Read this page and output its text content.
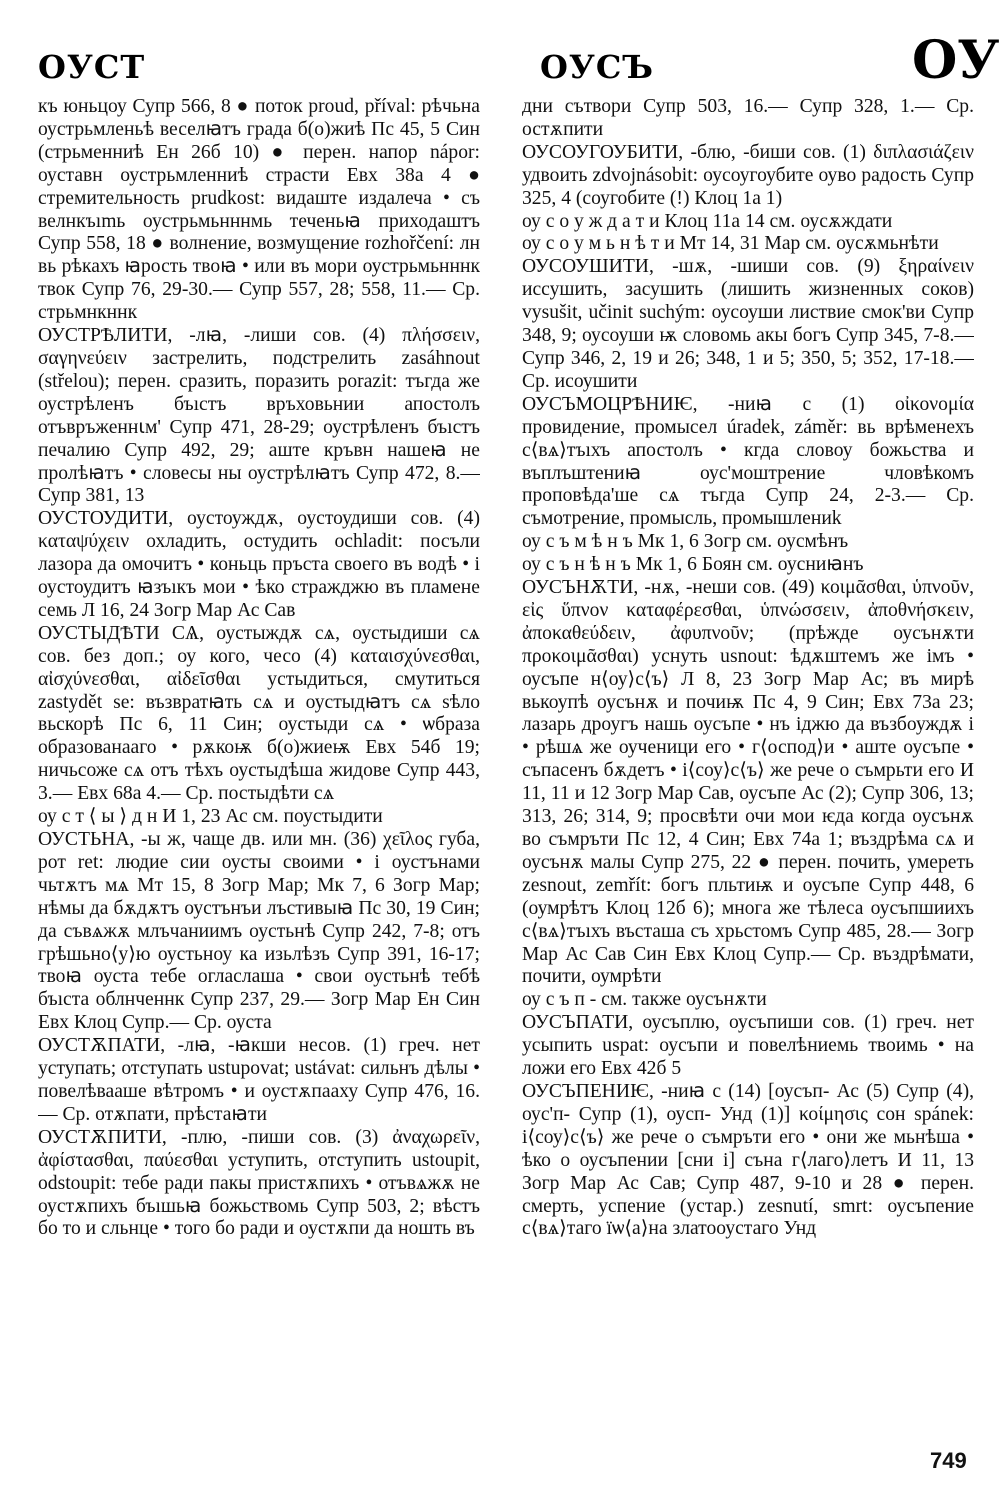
ОУСТ	ОУСЪ	ОУ

къ юньцоу Супр 566, 8 ● поток proud, příval: рѣчьна оустрьмленьѣ веселꙗтъ града б(о)жиѣ Пс 45, 5 Син (стрьменниѣ Ен 26б 10) ● перен. напор nápor: оуставн оустрьмленниѣ страсти Евх 38а 4 ● стремительность prudkost: видаште издалеча • съ велнкъımь оустрьмьнннмь теченьꙗ приходаштъ Супр 558, 18 ● волнение, возмущение rozhořčení: лн вь рѣкахъ ꙗрость твоꙗ • или въ мори оустрьмьнннк твок Супр 76, 29-30.— Супр 557, 28; 558, 11.— Ср. стрьмнкннк

ОУСТРѢЛИТИ, -лꙗ, -лиши сов. (4) πλήσσειν, σαγηνεύειν застрелить, подстрелить zasáhnout (střelou); перен. сразить, поразить porazit: тъгда же оустрѣленъ бъıстъ връховьнии апостолъ отъвръженнꙇм' Супр 471, 28-29; оустрѣленъ бъıстъ печалию Супр 492, 29; аште кръвн нашеꙗ не пролѣꙗтъ • словесы ны оустрѣлꙗтъ Супр 472, 8.— Супр 381, 13

ОУСТОУДИТИ, оустоуждѫ, оустоудиши сов. (4) καταψύχειν охладить, остудить ochladit: посъли лазора да омочитъ • коньць пръста своего въ водѣ • і оустоудитъ ꙗзъıкъ мои • ѣко стражджю въ пламене семь Л 16, 24 Зогр Мар Ас Сав

ОУСТЫДѢТИ СѦ, оустыждѫ сѧ, оустыдиши сѧ сов. без доп.; оу кого, чесо (4) καταισχύνεσθαι, αἰσχύνεσθαι, αἰδεῖσθαι устыдиться, смутиться zastydět se: възвратꙗть сѧ и оустыдꙗтъ сѧ ѕѣло вьскорѣ Пс 6, 11 Син; оустыди сѧ • ѡбраза образованааго • рѫкоѭ б(о)жиеѭ Евх 54б 19; ничьсоже сѧ отъ тѣхъ оустыдѣша жидове Супр 443, 3.— Евх 68а 4.— Ср. постыдѣти сѧ

оу с т ⟨ ы ⟩ д н И 1, 23 Ас см. поустыдити

ОУСТЬНА, -ы ж, чаще дв. или мн. (36) χεῖλος губа, рот ret: людие сии оусты своими • і оустънами чьтѫтъ мѧ Мт 15, 8 Зогр Мар; Мк 7, 6 Зогр Мар; нѣмы да бѫдѫтъ оустънъи лъстивыꙗ Пс 30, 19 Син; да съвѧжѫ млъчаниимъ оустьнѣ Супр 242, 7-8; отъ грѣшьно⟨у⟩ю оустьноу ка изьлѣзъ Супр 391, 16-17; твоꙗ оуста тебе огласлаша • свои оустьнѣ тебѣ бъıста облнченнк Супр 237, 29.— Зогр Мар Ен Син Евх Клоц Супр.— Ср. оуста

ОУСТѪПАТИ, -лꙗ, -ꙗкши несов. (1) греч. нет уступать; отступать ustupovat; ustávat: сильнъ дѣлы • повелѣвааше вѣтромъ • и оустѫпааху Супр 476, 16.— Ср. отѫпати, прѣстаꙗти

ОУСТѪПИТИ, -плю, -пиши сов. (3) ἀναχωρεῖν, ἀφίστασθαι, παύεσθαι уступить, отступить ustoupit, odstoupit: тебе ради пакы пристѫпихъ • отъвѧжѫ не оустѫпихъ бъıшьꙗ божьствомь Супр 503, 2; вѣстъ бо то и сльнце • того бо ради и оустѫпи да ношть въ

дни сътвори Супр 503, 16.— Супр 328, 1.— Ср. остѫпити

ОУСОУГОУБИТИ, -блю, -биши сов. (1) διπλασιάζειν удвоить zdvojnásobit: оусоугоубите оуво радость Супр 325, 4 (соугобите (!) Клоц 1а 1)

оу с о у ж д а т и Клоц 11а 14 см. оусѫждати

оу с о у м ь н ѣ т и Мт 14, 31 Мар см. оусѫмьнѣти

ОУСОУШИТИ, -шѫ, -шиши сов. (9) ξηραίνειν иссушить, засушить (лишить жизненных соков) vysušit, učinit suchým: оусоуши листвие смок'ви Супр 348, 9; оусоуши ѭ словомь акы богъ Супр 345, 7-8.— Супр 346, 2, 19 и 26; 348, 1 и 5; 350, 5; 352, 17-18.— Ср. исоушити

ОУСЪМОЦРѢНИѤ, -ниꙗ с (1) οἰκονομία провидение, промысел úradek, záměr: вь врѣменехъ с⟨вѧ⟩тъıхъ апостолъ • кгда словоу божьства и въплъштениꙗ оус'моштрение чловѣкомъ проповѣда'ше сѧ тъгда Супр 24, 2-3.— Ср. съмотрение, промысль, промышлениk

оу с ъ м ѣ н ъ Мк 1, 6 Зогр см. оусмѣнъ

оу с ъ н ѣ н ъ Мк 1, 6 Боян см. оусниꙗнъ

ОУСЪНѪТИ, -нѫ, -неши сов. (49) κοιμᾶσθαι, ὑπνοῦν, εἰς ὕπνον καταφέρεσθαι, ὑπνώσσειν, ἀποθνήσκειν, ἀποκαθεύδειν, ἀφυπνοῦν; (прѣжде оусънѫти προκοιμᾶσθαι) уснуть usnout: ѣдѫштемъ же імъ • оусъпе н⟨оу⟩с⟨ъ⟩ Л 8, 23 Зогр Мар Ас; въ мирѣ вькоупѣ оусънѫ и почиѭ Пс 4, 9 Син; Евх 73а 23; лазарь дроугъ нашь оусъпе • нъ іджю да възбоуждѫ і • рѣшѧ же оученици его • г⟨оспод⟩и • аште оусъпе • съпасенъ бѫдетъ • і⟨соу⟩с⟨ъ⟩ же рече о съмрьти его И 11, 11 и 12 Зогр Мар Сав, оусъпе Ас (2); Супр 306, 13; 313, 26; 314, 9; просвѣти очи мои ѥда когда оусънѫ во съмръти Пс 12, 4 Син; Евх 74а 1; въздрѣма сѧ и оусънѫ малы Супр 275, 22 ● перен. почить, умереть zesnout, zemřít: богъ пльтиѭ и оусъпе Супр 448, 6 (оумрѣтъ Клоц 12б 6); многа же тѣлеса оусъпшиихъ с⟨вѧ⟩тъıхъ въсташа съ хрьстомъ Супр 485, 28.— Зогр Мар Ас Сав Син Евх Клоц Супр.— Ср. въздрѣмати, почити, оумрѣти

оу с ъ п - см. также оусънѫти

ОУСЪПАТИ, оусъплю, оусъпиши сов. (1) греч. нет усыпить uspat: оусъпи и повелѣниемь твоимь • на ложи его Евх 42б 5

ОУСЪПЕНИѤ, -ниꙗ с (14) [оусъп- Ас (5) Супр (4), оус'п- Супр (1), оусп- Унд (1)] κοίμησις сон spánek: і⟨соу⟩с⟨ъ⟩ же рече о съмръти его • они же мьнѣша • ѣко о оусъпении [сни і] съна г⟨лаго⟩летъ И 11, 13 Зогр Мар Ас Сав; Супр 487, 9-10 и 28 ● перен. смерть, успение (устар.) zesnutí, smrt: оусъпение с⟨вѧ⟩таго їѡ⟨а⟩на златооустаго Унд

749
